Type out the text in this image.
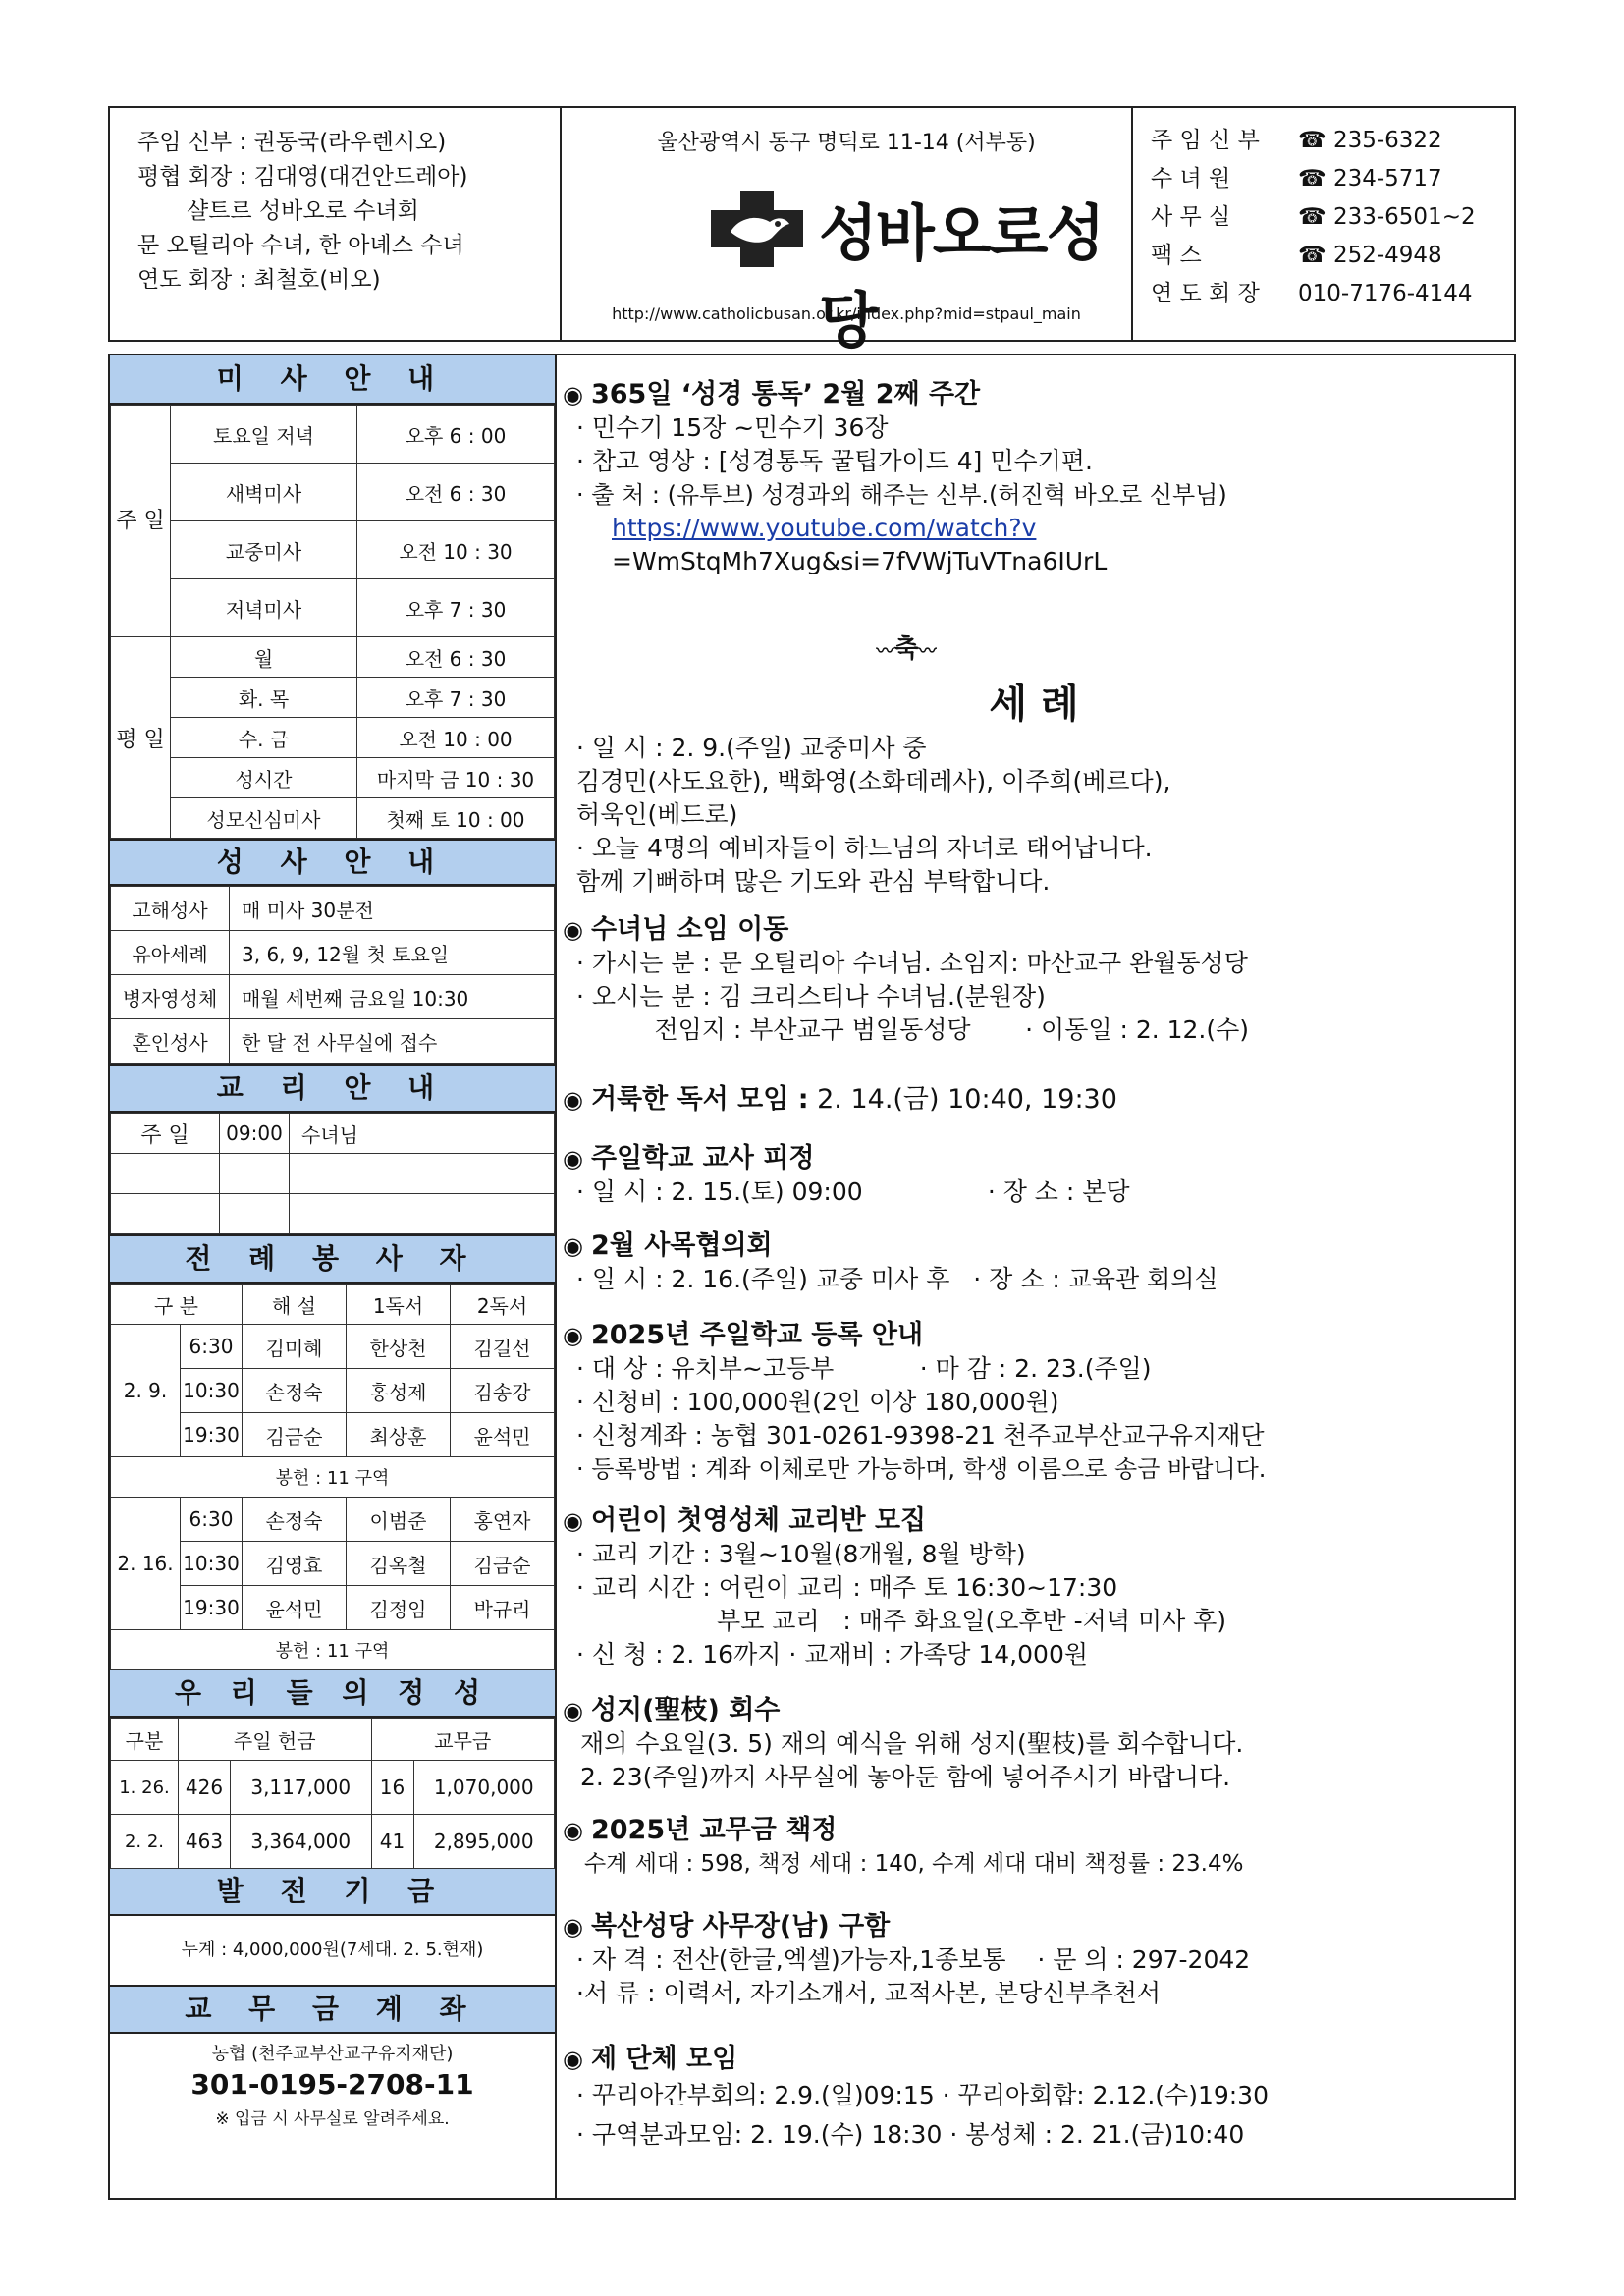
주임 신부 : 권동국(라우렌시오)
평협 회장 : 김대영(대건안드레아)
샬트르 성바오로 수녀회
문 오틸리아 수녀, 한 아녜스 수녀
연도 회장 : 최철호(비오)
울산광역시 동구 명덕로 11-14 (서부동)
성바오로성당
http://www.catholicbusan.or.kr/index.php?mid=stpaul_main
주 임 신 부 ☎ 235-6322
수 녀 원	☎ 234-5717
사 무 실	☎ 233-6501~2
팩 스	☎ 252-4948
연 도 회 장 010-7176-4144
미 사 안 내
주 일	토요일 저녁	오후 6 : 00
	새벽미사	오전 6 : 30
	교중미사	오전 10 : 30
	저녁미사	오후 7 : 30
평 일	월	오전 6 : 30
	화. 목	오후 7 : 30
	수. 금	오전 10 : 00
	성시간	마지막 금 10 : 30
	성모신심미사	첫째 토 10 : 00
성 사 안 내
고해성사	매 미사 30분전
유아세례	3, 6, 9, 12월 첫 토요일
병자영성체	매월 세번째 금요일 10:30
혼인성사	한 달 전 사무실에 접수
교 리 안 내
주 일	09:00	수녀님

전 례 봉 사 자
구 분		해 설	1독서	2독서
2. 9.	6:30	김미혜	한상천	김길선
	10:30	손정숙	홍성제	김송강
	19:30	김금순	최상훈	윤석민
봉헌 : 11 구역				
2. 16.	6:30	손정숙	이범준	홍연자
	10:30	김영효	김옥철	김금순
	19:30	윤석민	김정임	박규리
봉헌 : 11 구역				
우 리 들 의 정 성
구분	주일 헌금		교무금	
1. 26.	426	3,117,000	16	1,070,000
2. 2.	463	3,364,000	41	2,895,000
발 전 기 금
누계 : 4,000,000원(7세대. 2. 5.현재)
교 무 금 계 좌
농협 (천주교부산교구유지재단)
301-0195-2708-11
※ 입금 시 사무실로 알려주세요.
◉ 365일 ‘성경 통독’ 2월 2째 주간
· 민수기 15장 ~민수기 36장
· 참고 영상 : [성경통독 꿀팁가이드 4] 민수기편.
· 출 처 : (유투브) 성경과외 해주는 신부.(허진혁 바오로 신부님)
https://www.youtube.com/watch?v
=WmStqMh7Xug&si=7fVWjTuVTna6IUrL
〰축〰
세 례
· 일 시 : 2. 9.(주일) 교중미사 중
김경민(사도요한), 백화영(소화데레사), 이주희(베르다),
허욱인(베드로)
· 오늘 4명의 예비자들이 하느님의 자녀로 태어납니다.
함께 기뻐하며 많은 기도와 관심 부탁합니다.
◉ 수녀님 소임 이동
· 가시는 분 : 문 오틸리아 수녀님. 소임지: 마산교구 완월동성당
· 오시는 분 : 김 크리스티나 수녀님.(분원장)
전임지 : 부산교구 범일동성당       · 이동일 : 2. 12.(수)
◉ 거룩한 독서 모임 : 2. 14.(금) 10:40, 19:30
◉ 주일학교 교사 피정
· 일 시 : 2. 15.(토) 09:00                · 장 소 : 본당
◉ 2월 사목협의회
· 일 시 : 2. 16.(주일) 교중 미사 후   · 장 소 : 교육관 회의실
◉ 2025년 주일학교 등록 안내
· 대 상 : 유치부~고등부           · 마 감 : 2. 23.(주일)
· 신청비 : 100,000원(2인 이상 180,000원)
· 신청계좌 : 농협 301-0261-9398-21 천주교부산교구유지재단
· 등록방법 : 계좌 이체로만 가능하며, 학생 이름으로 송금 바랍니다.
◉ 어린이 첫영성체 교리반 모집
· 교리 기간 : 3월~10월(8개월, 8월 방학)
· 교리 시간 : 어린이 교리 : 매주 토 16:30~17:30
부모 교리   : 매주 화요일(오후반 -저녁 미사 후)
· 신 청 : 2. 16까지 · 교재비 : 가족당 14,000원
◉ 성지(聖枝) 회수
재의 수요일(3. 5) 재의 예식을 위해 성지(聖枝)를 회수합니다.
2. 23(주일)까지 사무실에 놓아둔 함에 넣어주시기 바랍니다.
◉ 2025년 교무금 책정
수계 세대 : 598, 책정 세대 : 140, 수계 세대 대비 책정률 : 23.4%
◉ 복산성당 사무장(남) 구함
· 자 격 : 전산(한글,엑셀)가능자,1종보통    · 문 의 : 297-2042
·서 류 : 이력서, 자기소개서, 교적사본, 본당신부추천서
◉ 제 단체 모임
· 꾸리아간부회의: 2.9.(일)09:15 · 꾸리아회합: 2.12.(수)19:30
· 구역분과모임: 2. 19.(수) 18:30 · 봉성체 : 2. 21.(금)10:40
